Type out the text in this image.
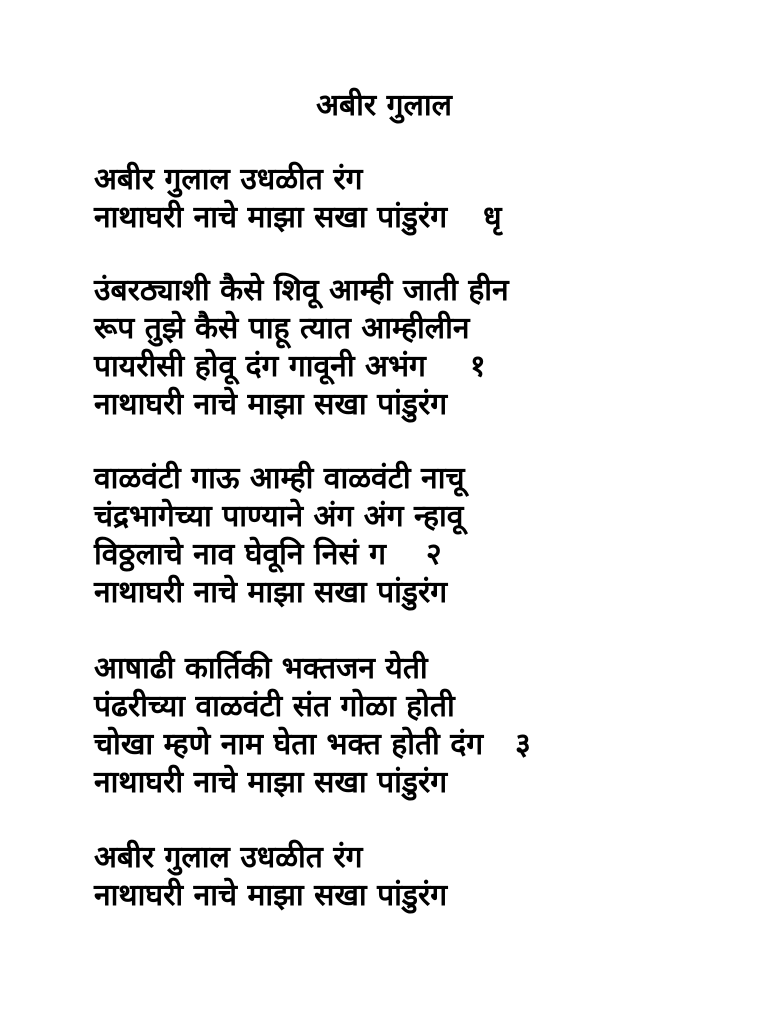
अबीर गुलाल
अबीर गुलाल उधळीत रंग
नाथाघरी नाचे माझा सखा पांडुरंग धृ
उंबरठ्याशी कैसे शिवू आम्ही जाती हीन
रूप तुझे कैसे पाहू त्यात आम्हीलीन
पायरीसी होवू दंग गावूनी अभंग १
नाथाघरी नाचे माझा सखा पांडुरंग
वाळवंटी गाऊ आम्ही वाळवंटी नाचू
चंद्रभागेच्या पाण्याने अंग अंग न्हावू
विठ्ठलाचे नाव घेवूनि निसं ग २
नाथाघरी नाचे माझा सखा पांडुरंग
आषाढी कार्तिकी भक्तजन येती
पंढरीच्या वाळवंटी संत गोळा होती
चोखा म्हणे नाम घेता भक्त होती दंग ३
नाथाघरी नाचे माझा सखा पांडुरंग
अबीर गुलाल उधळीत रंग
नाथाघरी नाचे माझा सखा पांडुरंग
